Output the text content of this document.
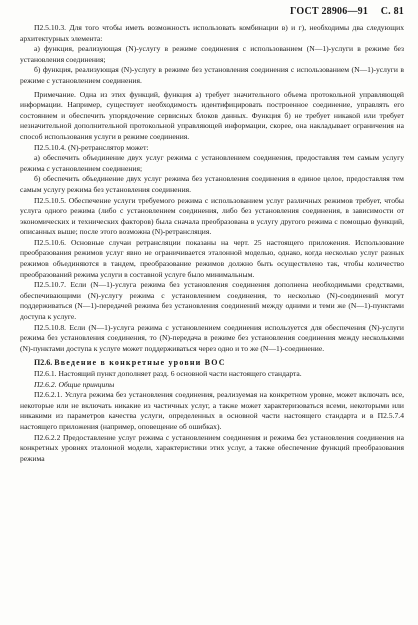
ГОСТ 28906—91 С. 81

П2.5.10.3. Для того чтобы иметь возможность использовать комбинации в) и г), необходимы два следующих архитектурных элемента:

а) функция, реализующая (N)-услугу в режиме соединения с использованием (N—1)-услуги в режиме без установления соединения;

б) функция, реализующая (N)-услугу в режиме без установления соединения с использованием (N—1)-услуги в режиме с установлением соединения.

Примечание. Одна из этих функций, функция а) требует значительного объема протокольной управляющей информации. Например, существует необходимость идентифицировать построенное соединение, управлять его состоянием и обеспечить упорядочение сервисных блоков данных. Функция б) не требует никакой или требует незначительной дополнительной протокольной управляющей информации, скорее, она накладывает ограничения на способ использования услуги в режиме соединения.

П2.5.10.4. (N)-ретранслятор может:

а) обеспечить объединение двух услуг режима с установлением соединения, предоставляя тем самым услугу режима с установлением соединения;

б) обеспечить объединение двух услуг режима без установления соединения в единое целое, предоставляя тем самым услугу режима без установления соединения.

П2.5.10.5. Обеспечение услуги требуемого режима с использованием услуг различных режимов требует, чтобы услуга одного режима (либо с установлением соединения, либо без установления соединения, в зависимости от экономических и технических факторов) была сначала преобразована в услугу другого режима с помощью функций, описанных выше; после этого возможна (N)-ретрансляция.

П2.5.10.6. Основные случаи ретрансляции показаны на черт. 25 настоящего приложения. Использование преобразования режимов услуг явно не ограничивается эталонной моделью, однако, когда несколько услуг разных режимов объединяются в тандем, преобразование режимов должно быть осуществлено так, чтобы количество преобразований режима услуги в составной услуге было минимальным.

П2.5.10.7. Если (N—1)-услуга режима без установления соединения дополнена необходимыми средствами, обеспечивающими (N)-услугу режима с установлением соединения, то несколько (N)-соединений могут поддерживаться (N—1)-передачей режима без установления соединений между одними и теми же (N—1)-пунктами доступа к услуге.

П2.5.10.8. Если (N—1)-услуга режима с установлением соединения используется для обеспечения (N)-услуги режима без установления соединения, то (N)-передача в режиме без установления соединения между несколькими (N)-пунктами доступа к услуге может поддерживаться через одно и то же (N—1)-соединение.

П2.6. Введение в конкретные уровни ВОС

П2.6.1. Настоящий пункт дополняет разд. 6 основной части настоящего стандарта.

П2.6.2. Общие принципы

П2.6.2.1. Услуга режима без установления соединения, реализуемая на конкретном уровне, может включать все, некоторые или не включать никакие из частичных услуг, а также может характеризоваться всеми, некоторыми или никакими из параметров качества услуги, определенных в основной части настоящего стандарта и в П2.5.7.4 настоящего приложения (например, оповещение об ошибках).

П2.6.2.2 Предоставление услуг режима с установлением соединения и режима без установления соединения на конкретных уровнях эталонной модели, характеристики этих услуг, а также обеспечение функций преобразования режима
